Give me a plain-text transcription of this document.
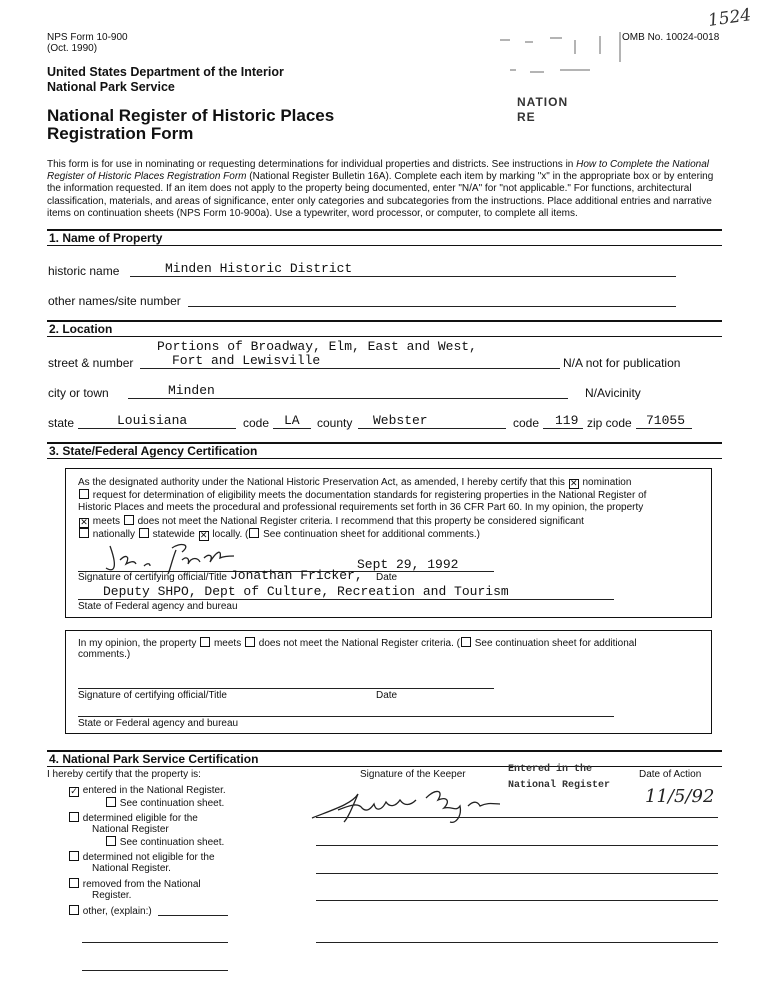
NPS Form 10-900
(Oct. 1990)
OMB No. 10024-0018
1524
NATION
RE
United States Department of the Interior
National Park Service
National Register of Historic Places
Registration Form
This form is for use in nominating or requesting determinations for individual properties and districts. See instructions in How to Complete the National Register of Historic Places Registration Form (National Register Bulletin 16A). Complete each item by marking "x" in the appropriate box or by entering the information requested. If an item does not apply to the property being documented, enter "N/A" for "not applicable." For functions, architectural classification, materials, and areas of significance, enter only categories and subcategories from the instructions. Place additional entries and narrative items on continuation sheets (NPS Form 10-900a). Use a typewriter, word processor, or computer, to complete all items.
1. Name of Property
historic name	Minden Historic District
other names/site number
2. Location
Portions of Broadway, Elm, East and West,
street & number	Fort and Lewisville	N/A not for publication
city or town	Minden	N/Avicinity
state	Louisiana	code LA county Webster	code 119 zip code 71055
3. State/Federal Agency Certification
As the designated authority under the National Historic Preservation Act, as amended, I hereby certify that this ✕ nomination
request for determination of eligibility meets the documentation standards for registering properties in the National Register of
Historic Places and meets the procedural and professional requirements set forth in 36 CFR Part 60. In my opinion, the property
✕ meets does not meet the National Register criteria. I recommend that this property be considered significant
nationally statewide ✕ locally. ( See continuation sheet for additional comments.)
Sept 29, 1992
Signature of certifying official/Title Jonathan Fricker, Date
Deputy SHPO, Dept of Culture, Recreation and Tourism
State of Federal agency and bureau
In my opinion, the property meets does not meet the National Register criteria. ( See continuation sheet for additional
comments.)
Signature of certifying official/Title	Date
State or Federal agency and bureau
4. National Park Service Certification
I hereby certify that the property is:	Signature of the Keeper	Entered in the National Register
Date of Action
11/5/92
✓ entered in the National Register.
See continuation sheet.
determined eligible for the
National Register
See continuation sheet.
determined not eligible for the
National Register.
removed from the National
Register.
other, (explain:)
